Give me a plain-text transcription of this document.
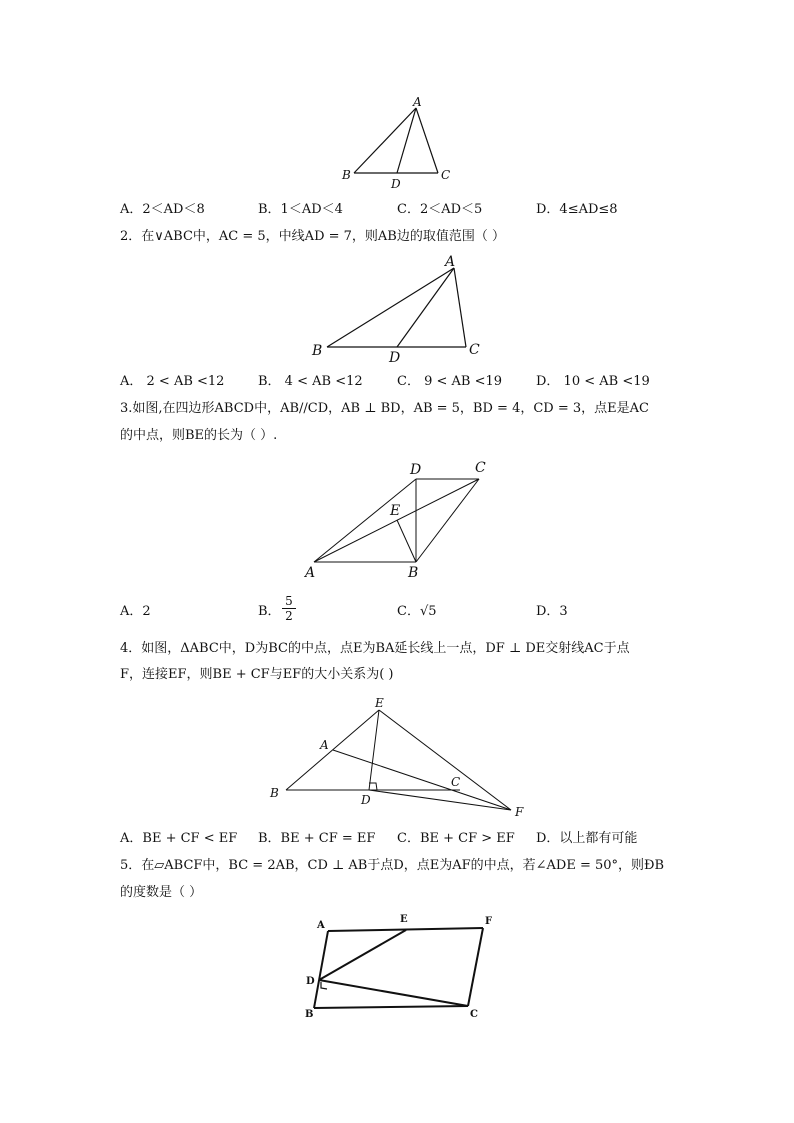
A
B
D
C
A．2＜AD＜8	B．1＜AD＜4	C．2＜AD＜5	D．4≤AD≤8
2．在∨ABC中，AC = 5，中线AD = 7，则AB边的取值范围（ ）
A
B	D	C
A． 2 < AB <12	B． 4 < AB <12	C． 9 < AB <19	D． 10 < AB <19
3.如图,在四边形ABCD中，AB//CD，AB ⊥ BD，AB = 5，BD = 4，CD = 3，点E是AC
的中点，则BE的长为（ ）.
D	C
E
A	B
A．2	B． $\frac{5}{2}$	C．√5	D．3
4．如图，ΔABC中，D为BC的中点，点E为BA延长线上一点，DF ⊥ DE交射线AC于点
F，连接EF，则BE + CF与EF的大小关系为( )
E
A
C
B	D
F
A．BE + CF < EF B．BE + CF = EF C．BE + CF > EF D．以上都有可能
5．在▱ABCF中，BC = 2AB，CD ⊥ AB于点D，点E为AF的中点，若∠ADE = 50°，则ÐB
的度数是（ ）
A
E	F
D
B	C
